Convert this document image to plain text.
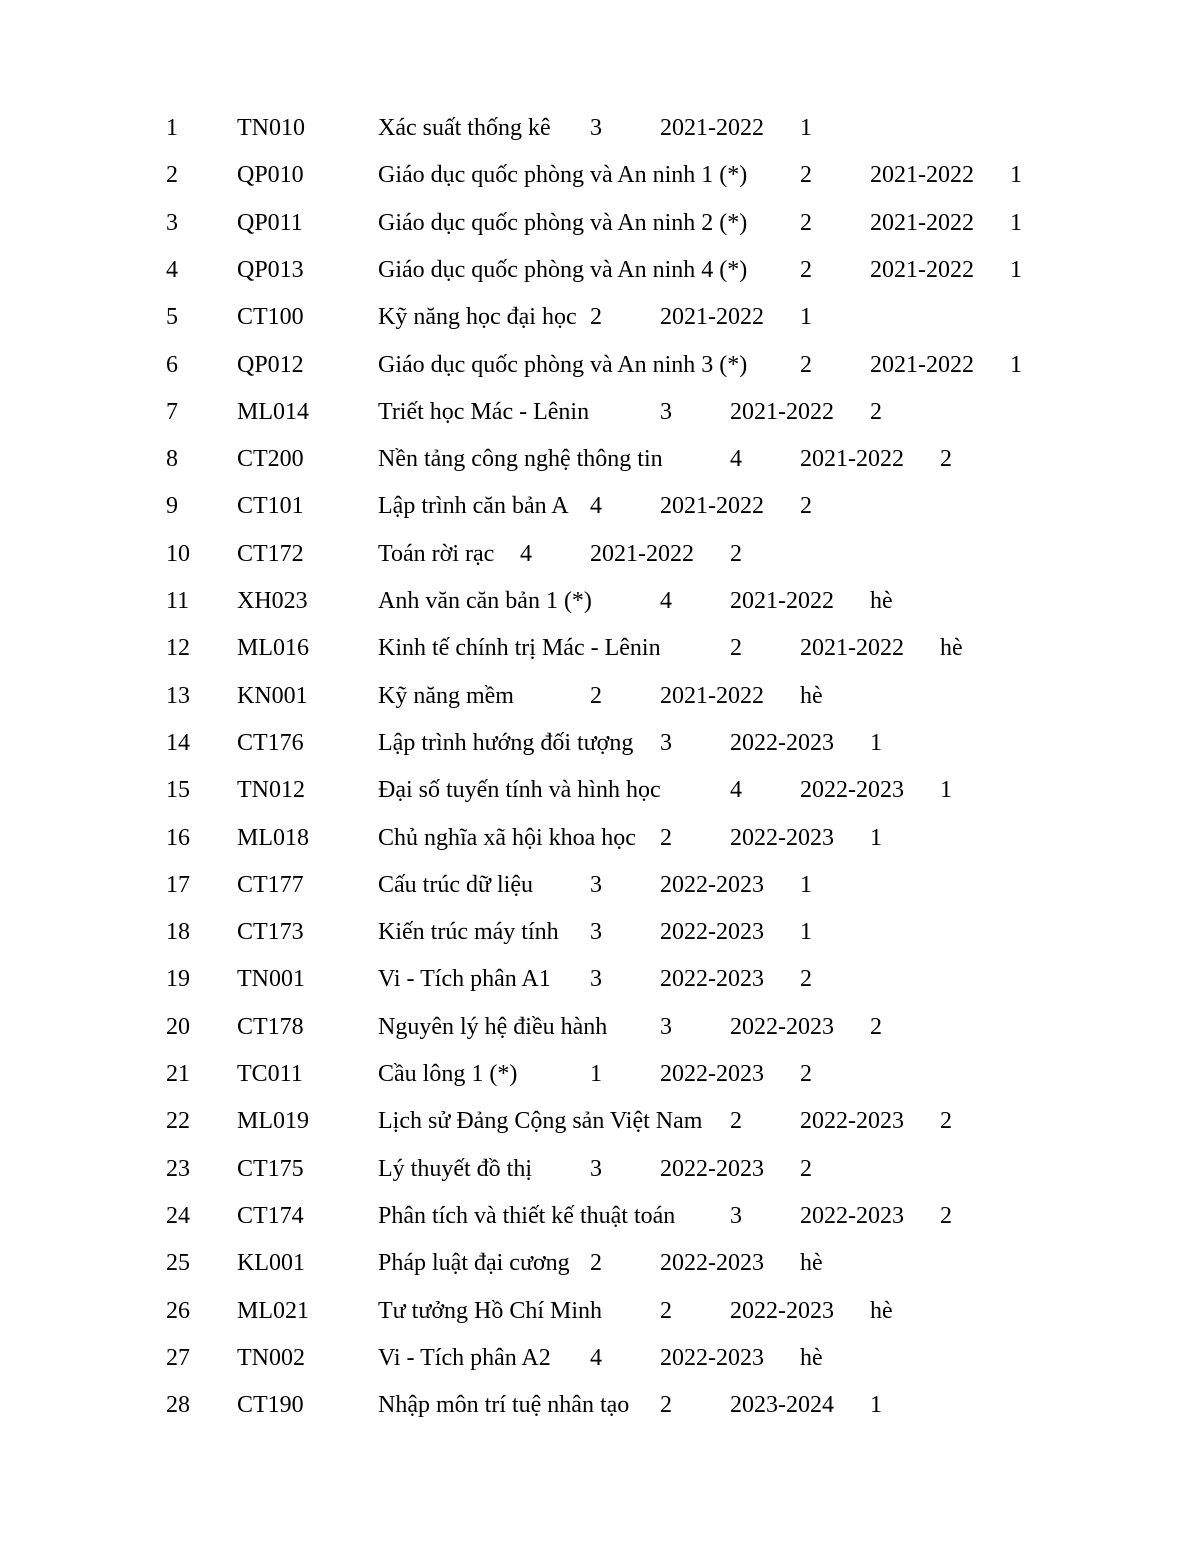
1 TN010	Xác suất thống kê 3 2021-2022 1
2 QP010	Giáo dục quốc phòng và An ninh 1 (*) 2 2021-2022 1
3 QP011	Giáo dục quốc phòng và An ninh 2 (*) 2 2021-2022 1
4 QP013	Giáo dục quốc phòng và An ninh 4 (*) 2 2021-2022 1
5 CT100	Kỹ năng học đại học 2 2021-2022 1
6 QP012	Giáo dục quốc phòng và An ninh 3 (*) 2 2021-2022 1
7 ML014	Triết học Mác - Lênin	3 2021-2022 2
8 CT200	Nền tảng công nghệ thông tin	4 2021-2022 2
9 CT101	Lập trình căn bản A 4 2021-2022 2
10 CT172	Toán rời rạc 4 2021-2022 2
11 XH023	Anh văn căn bản 1 (*)	4 2021-2022 hè
12 ML016	Kinh tế chính trị Mác - Lênin	2 2021-2022 hè
13 KN001	Kỹ năng mềm	2 2021-2022 hè
14 CT176	Lập trình hướng đối tượng 3 2022-2023 1
15 TN012	Đại số tuyến tính và hình học	4 2022-2023 1
16 ML018	Chủ nghĩa xã hội khoa học 2 2022-2023 1
17 CT177	Cấu trúc dữ liệu 3 2022-2023 1
18 CT173	Kiến trúc máy tính 3 2022-2023 1
19 TN001	Vi - Tích phân A1 3 2022-2023 2
20 CT178	Nguyên lý hệ điều hành 3 2022-2023 2
21 TC011	Cầu lông 1 (*)	1 2022-2023 2
22 ML019	Lịch sử Đảng Cộng sản Việt Nam 2 2022-2023 2
23 CT175	Lý thuyết đồ thị 3 2022-2023 2
24 CT174	Phân tích và thiết kế thuật toán 3 2022-2023 2
25 KL001	Pháp luật đại cương 2 2022-2023 hè
26 ML021	Tư tưởng Hồ Chí Minh 2 2022-2023 hè
27 TN002	Vi - Tích phân A2 4 2022-2023 hè
28 CT190	Nhập môn trí tuệ nhân tạo 2 2023-2024 1
